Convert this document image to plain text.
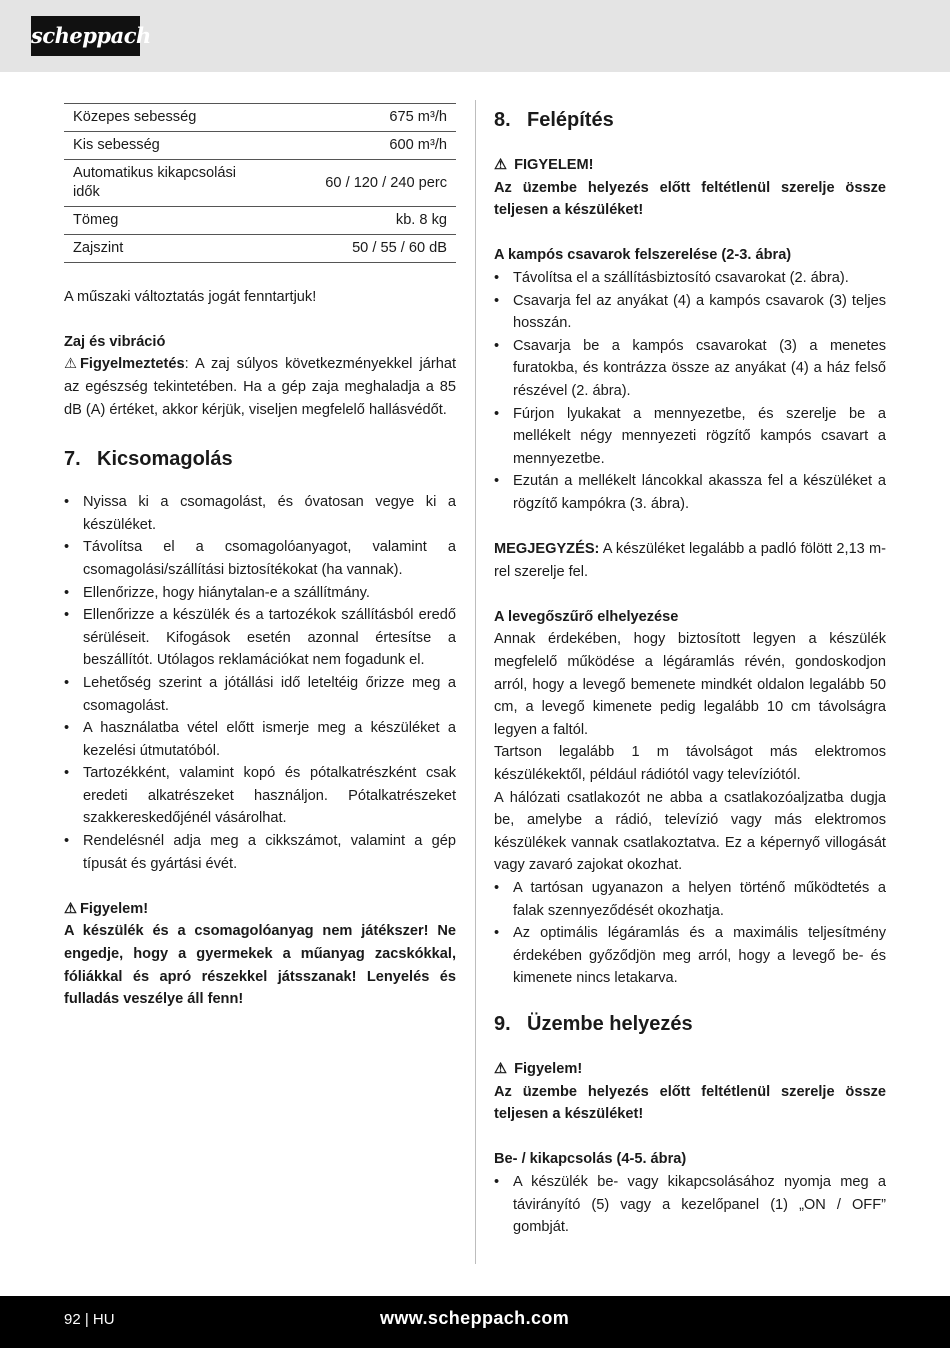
scheppach
Közepes sebesség	675 m³/h
Kis sebesség	600 m³/h
Automatikus kikapcsolási idők	60 / 120 / 240 perc
Tömeg	kb. 8 kg
Zajszint	50 / 55 / 60 dB

A műszaki változtatás jogát fenntartjuk!

Zaj és vibráció

⚠ Figyelmeztetés: A zaj súlyos következményekkel járhat az egészség tekintetében. Ha a gép zaja meghaladja a 85 dB (A) értéket, akkor kérjük, viseljen megfelelő hallásvédőt.

7. Kicsomagolás
• Nyissa ki a csomagolást, és óvatosan vegye ki a készüléket.
• Távolítsa el a csomagolóanyagot, valamint a csomagolási/szállítási biztosítékokat (ha vannak).
• Ellenőrizze, hogy hiánytalan-e a szállítmány.
• Ellenőrizze a készülék és a tartozékok szállításból eredő sérüléseit. Kifogások esetén azonnal értesítse a beszállítót. Utólagos reklamációkat nem fogadunk el.
• Lehetőség szerint a jótállási idő leteltéig őrizze meg a csomagolást.
• A használatba vétel előtt ismerje meg a készüléket a kezelési útmutatóból.
• Tartozékként, valamint kopó és pótalkatrészként csak eredeti alkatrészeket használjon. Pótalkatrészeket szakkereskedőjénél vásárolhat.
• Rendelésnél adja meg a cikkszámot, valamint a gép típusát és gyártási évét.

⚠ Figyelem!

A készülék és a csomagolóanyag nem játékszer! Ne engedje, hogy a gyermekek a műanyag zacskókkal, fóliákkal és apró részekkel játsszanak! Lenyelés és fulladás veszélye áll fenn!

8. Felépítés

⚠ FIGYELEM!

Az üzembe helyezés előtt feltétlenül szerelje össze teljesen a készüléket!

A kampós csavarok felszerelése (2-3. ábra)

• Távolítsa el a szállításbiztosító csavarokat (2. ábra).
• Csavarja fel az anyákat (4) a kampós csavarok (3) teljes hosszán.
• Csavarja be a kampós csavarokat (3) a menetes furatokba, és kontrázza össze az anyákat (4) a ház felső részével (2. ábra).
• Fúrjon lyukakat a mennyezetbe, és szerelje be a mellékelt négy mennyezeti rögzítő kampós csavart a mennyezetbe.
• Ezután a mellékelt láncokkal akassza fel a készüléket a rögzítő kampókra (3. ábra).

MEGJEGYZÉS: A készüléket legalább a padló fölött 2,13 m-rel szerelje fel.

A levegőszűrő elhelyezése

Annak érdekében, hogy biztosított legyen a készülék megfelelő működése a légáramlás révén, gondoskodjon arról, hogy a levegő bemenete mindkét oldalon legalább 50 cm, a levegő kimenete pedig legalább 10 cm távolságra legyen a faltól.

Tartson legalább 1 m távolságot más elektromos készülékektől, például rádiótól vagy televíziótól.

A hálózati csatlakozót ne abba a csatlakozóaljzatba dugja be, amelybe a rádió, televízió vagy más elektromos készülékek vannak csatlakoztatva. Ez a képernyő villogását vagy zavaró zajokat okozhat.

• A tartósan ugyanazon a helyen történő működtetés a falak szennyeződését okozhatja.
• Az optimális légáramlás és a maximális teljesítmény érdekében győződjön meg arról, hogy a levegő be- és kimenete nincs letakarva.
9. Üzembe helyezés

⚠ Figyelem!

Az üzembe helyezés előtt feltétlenül szerelje össze teljesen a készüléket!

Be- / kikapcsolás (4-5. ábra)

• A készülék be- vagy kikapcsolásához nyomja meg a távirányító (5) vagy a kezelőpanel (1) „ON / OFF” gombját.
92 | HU	www.scheppach.com
